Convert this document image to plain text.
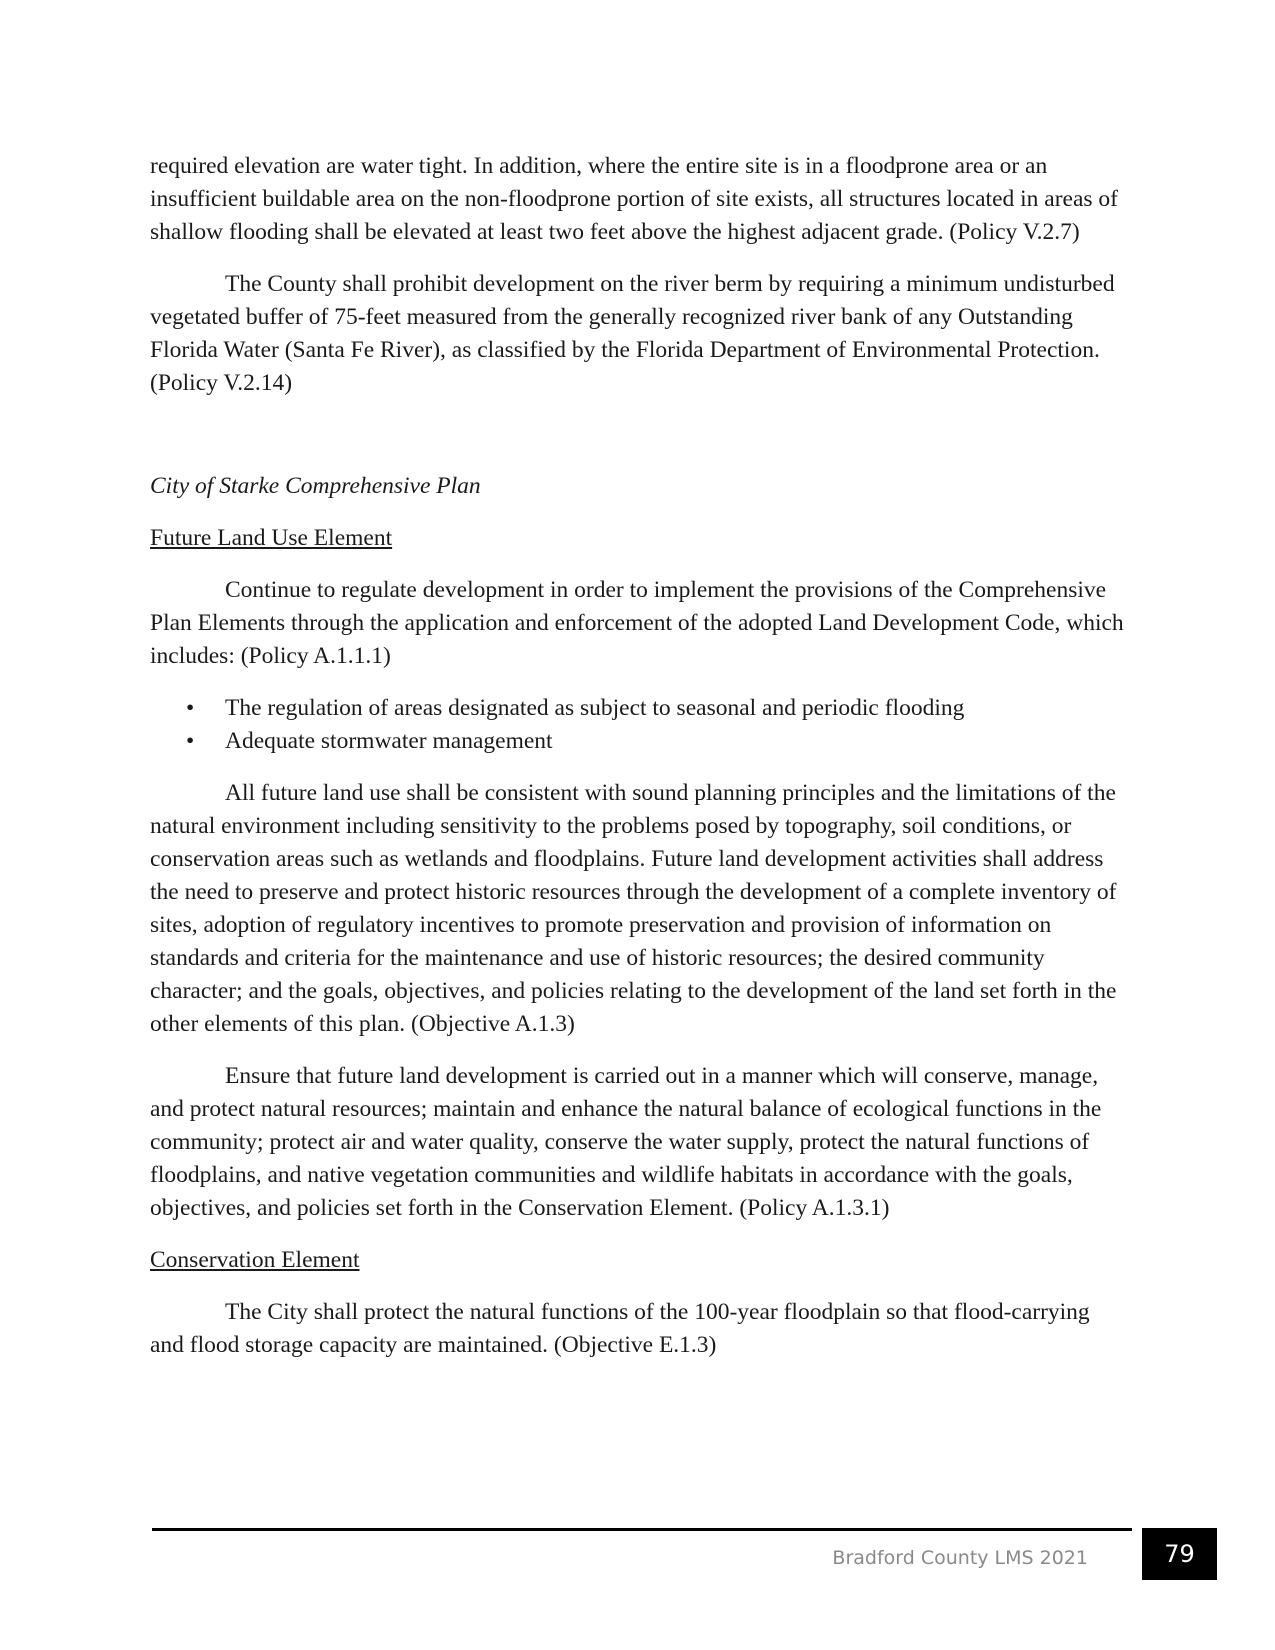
required elevation are water tight. In addition, where the entire site is in a floodprone area or an insufficient buildable area on the non-floodprone portion of site exists, all structures located in areas of shallow flooding shall be elevated at least two feet above the highest adjacent grade. (Policy V.2.7)

The County shall prohibit development on the river berm by requiring a minimum undisturbed vegetated buffer of 75-feet measured from the generally recognized river bank of any Outstanding Florida Water (Santa Fe River), as classified by the Florida Department of Environmental Protection. (Policy V.2.14)

City of Starke Comprehensive Plan

Future Land Use Element

Continue to regulate development in order to implement the provisions of the Comprehensive Plan Elements through the application and enforcement of the adopted Land Development Code, which includes: (Policy A.1.1.1)

• The regulation of areas designated as subject to seasonal and periodic flooding
• Adequate stormwater management

All future land use shall be consistent with sound planning principles and the limitations of the natural environment including sensitivity to the problems posed by topography, soil conditions, or conservation areas such as wetlands and floodplains. Future land development activities shall address the need to preserve and protect historic resources through the development of a complete inventory of sites, adoption of regulatory incentives to promote preservation and provision of information on standards and criteria for the maintenance and use of historic resources; the desired community character; and the goals, objectives, and policies relating to the development of the land set forth in the other elements of this plan. (Objective A.1.3)

Ensure that future land development is carried out in a manner which will conserve, manage, and protect natural resources; maintain and enhance the natural balance of ecological functions in the community; protect air and water quality, conserve the water supply, protect the natural functions of floodplains, and native vegetation communities and wildlife habitats in accordance with the goals, objectives, and policies set forth in the Conservation Element. (Policy A.1.3.1)

Conservation Element

The City shall protect the natural functions of the 100-year floodplain so that flood-carrying and flood storage capacity are maintained. (Objective E.1.3)

Bradford County LMS 2021	79
